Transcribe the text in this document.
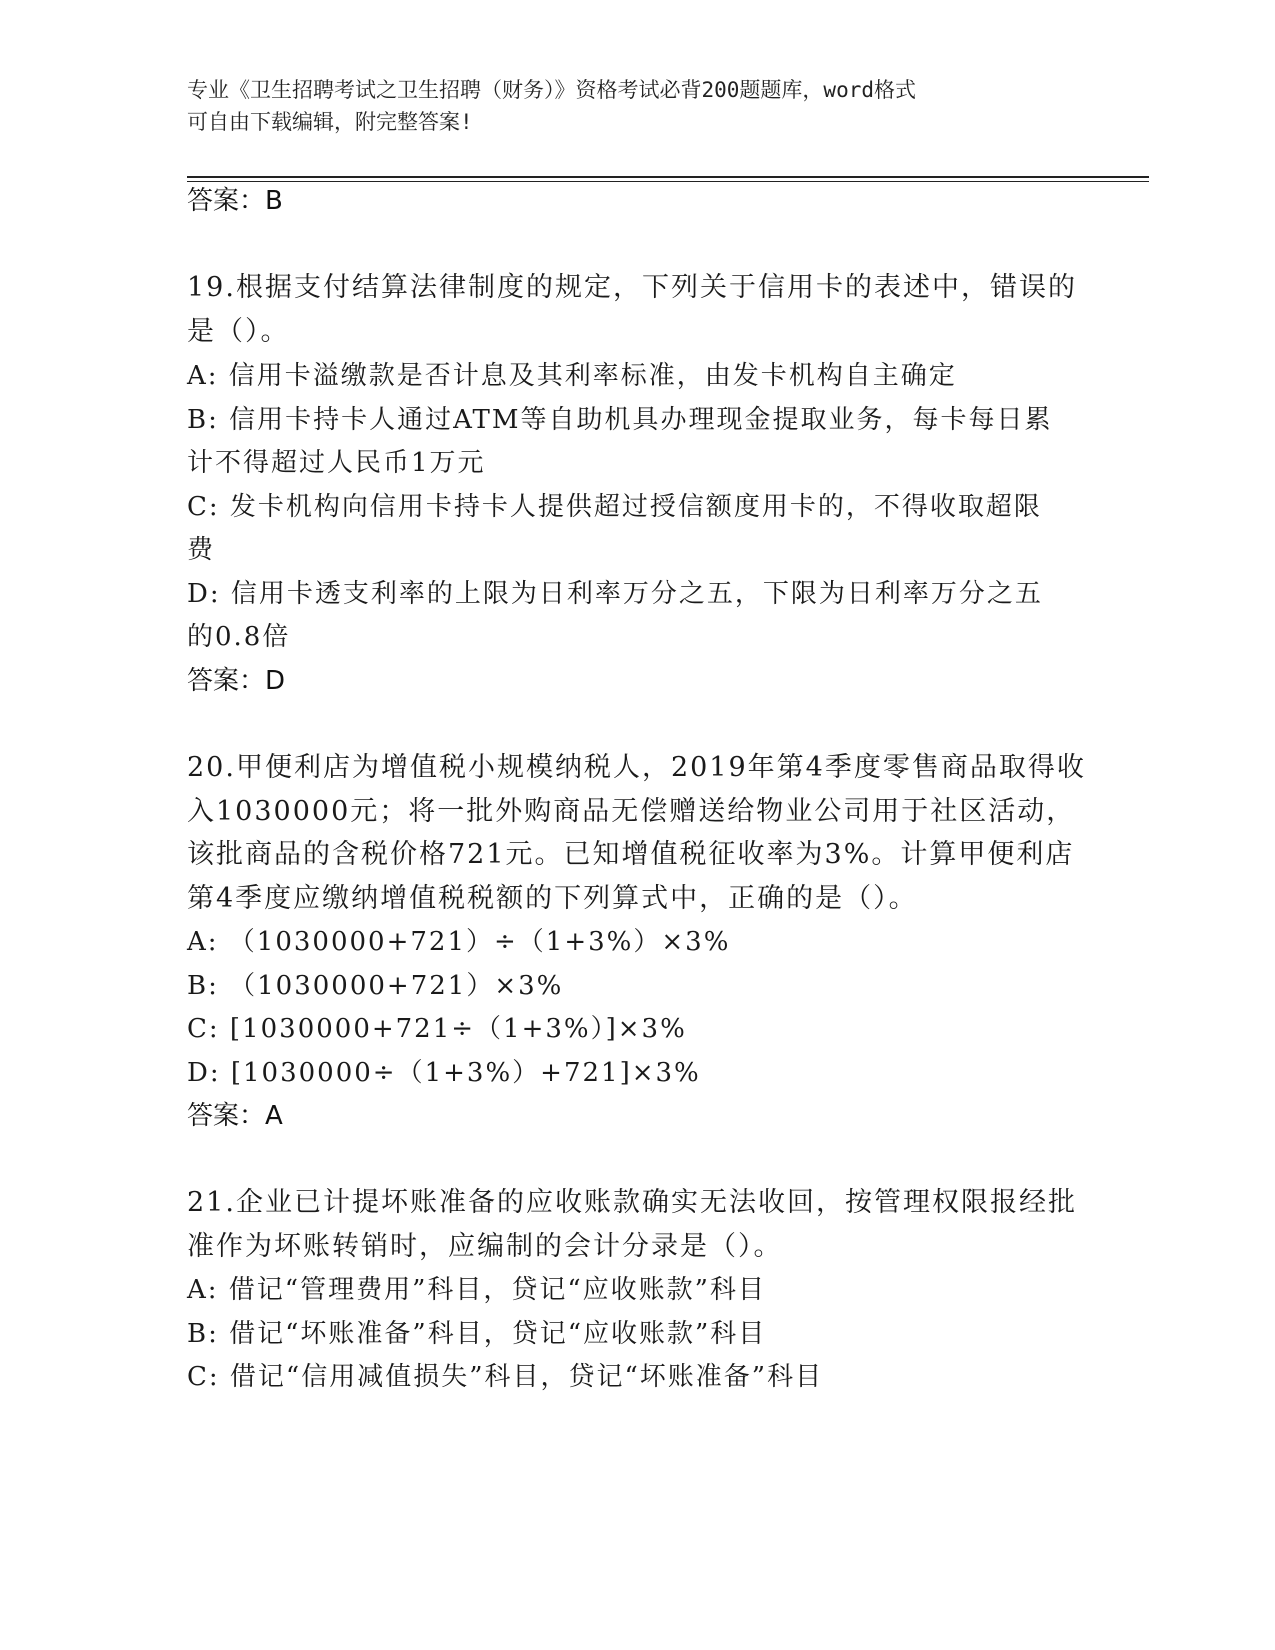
专业《卫生招聘考试之卫生招聘（财务）》资格考试必背200题题库，word格式
可自由下载编辑，附完整答案!
答案：B
19.根据支付结算法律制度的规定，下列关于信用卡的表述中，错误的
是（）。
A: 信用卡溢缴款是否计息及其利率标准，由发卡机构自主确定
B: 信用卡持卡人通过ATM等自助机具办理现金提取业务，每卡每日累
计不得超过人民币1万元
C: 发卡机构向信用卡持卡人提供超过授信额度用卡的，不得收取超限
费
D: 信用卡透支利率的上限为日利率万分之五，下限为日利率万分之五
的0.8倍
答案：D
20.甲便利店为增值税小规模纳税人，2019年第4季度零售商品取得收
入1030000元；将一批外购商品无偿赠送给物业公司用于社区活动，
该批商品的含税价格721元。已知增值税征收率为3%。计算甲便利店
第4季度应缴纳增值税税额的下列算式中，正确的是（）。
A: （1030000+721）÷（1+3%）×3%
B: （1030000+721）×3%
C: [1030000+721÷（1+3%）]×3%
D: [1030000÷（1+3%）+721]×3%
答案：A
21.企业已计提坏账准备的应收账款确实无法收回，按管理权限报经批
准作为坏账转销时，应编制的会计分录是（）。
A: 借记“管理费用”科目，贷记“应收账款”科目
B: 借记“坏账准备”科目，贷记“应收账款”科目
C: 借记“信用减值损失”科目，贷记“坏账准备”科目
